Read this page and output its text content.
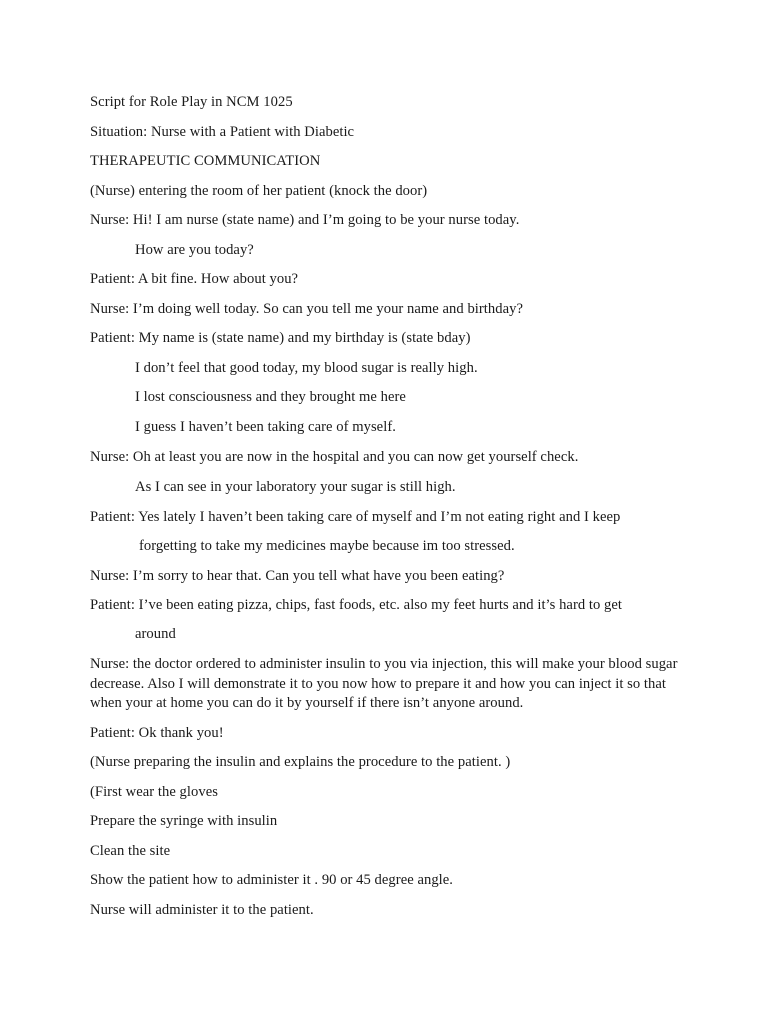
Script for Role Play in NCM 1025
Situation: Nurse with a Patient with Diabetic
THERAPEUTIC COMMUNICATION
(Nurse) entering the room of her patient (knock the door)
Nurse: Hi! I am nurse (state name) and I’m going to be your nurse today.
How are you today?
Patient: A bit fine. How about you?
Nurse: I’m doing well today. So can you tell me your name and birthday?
Patient: My name is (state name) and my birthday is (state bday)
I don’t feel that good today, my blood sugar is really high.
I lost consciousness and they brought me here
I guess I haven’t been taking care of myself.
Nurse: Oh at least you are now in the hospital and you can now get yourself check.
As I can see in your laboratory your sugar is still high.
Patient: Yes lately I haven’t been taking care of myself and I’m not eating right and I keep
forgetting to take my medicines maybe because im too stressed.
Nurse: I’m sorry to hear that. Can you tell what have you been eating?
Patient: I’ve been eating pizza, chips, fast foods, etc. also my feet hurts and it’s hard to get
around
Nurse: the doctor ordered to administer insulin to you via injection, this will make your blood sugar decrease. Also I will demonstrate it to you now how to prepare it and how you can inject it so that when your at home you can do it by yourself if there isn’t anyone around.
Patient: Ok thank you!
(Nurse preparing the insulin and explains the procedure to the patient. )
(First wear the gloves
Prepare the syringe with insulin
Clean the site
Show the patient how to administer it . 90 or 45 degree angle.
Nurse will administer it to the patient.
